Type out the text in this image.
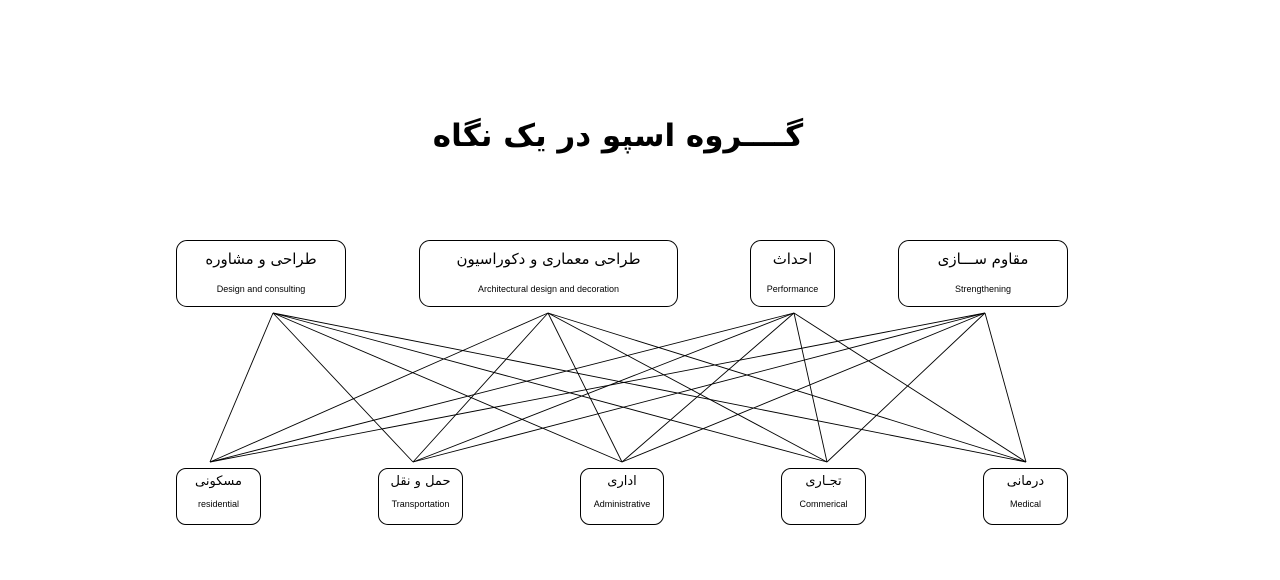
گــــروه اسپو در یک نگاه
طراحی و مشاوره
Design and consulting
طراحی معماری و دکوراسیون
Architectural design and decoration
احداث
Performance
مقاوم ســـازی
Strengthening
مسکونی
residential
حمل و نقل
Transportation
اداری
Administrative
تجـاری
Commerical
درمانی
Medical
